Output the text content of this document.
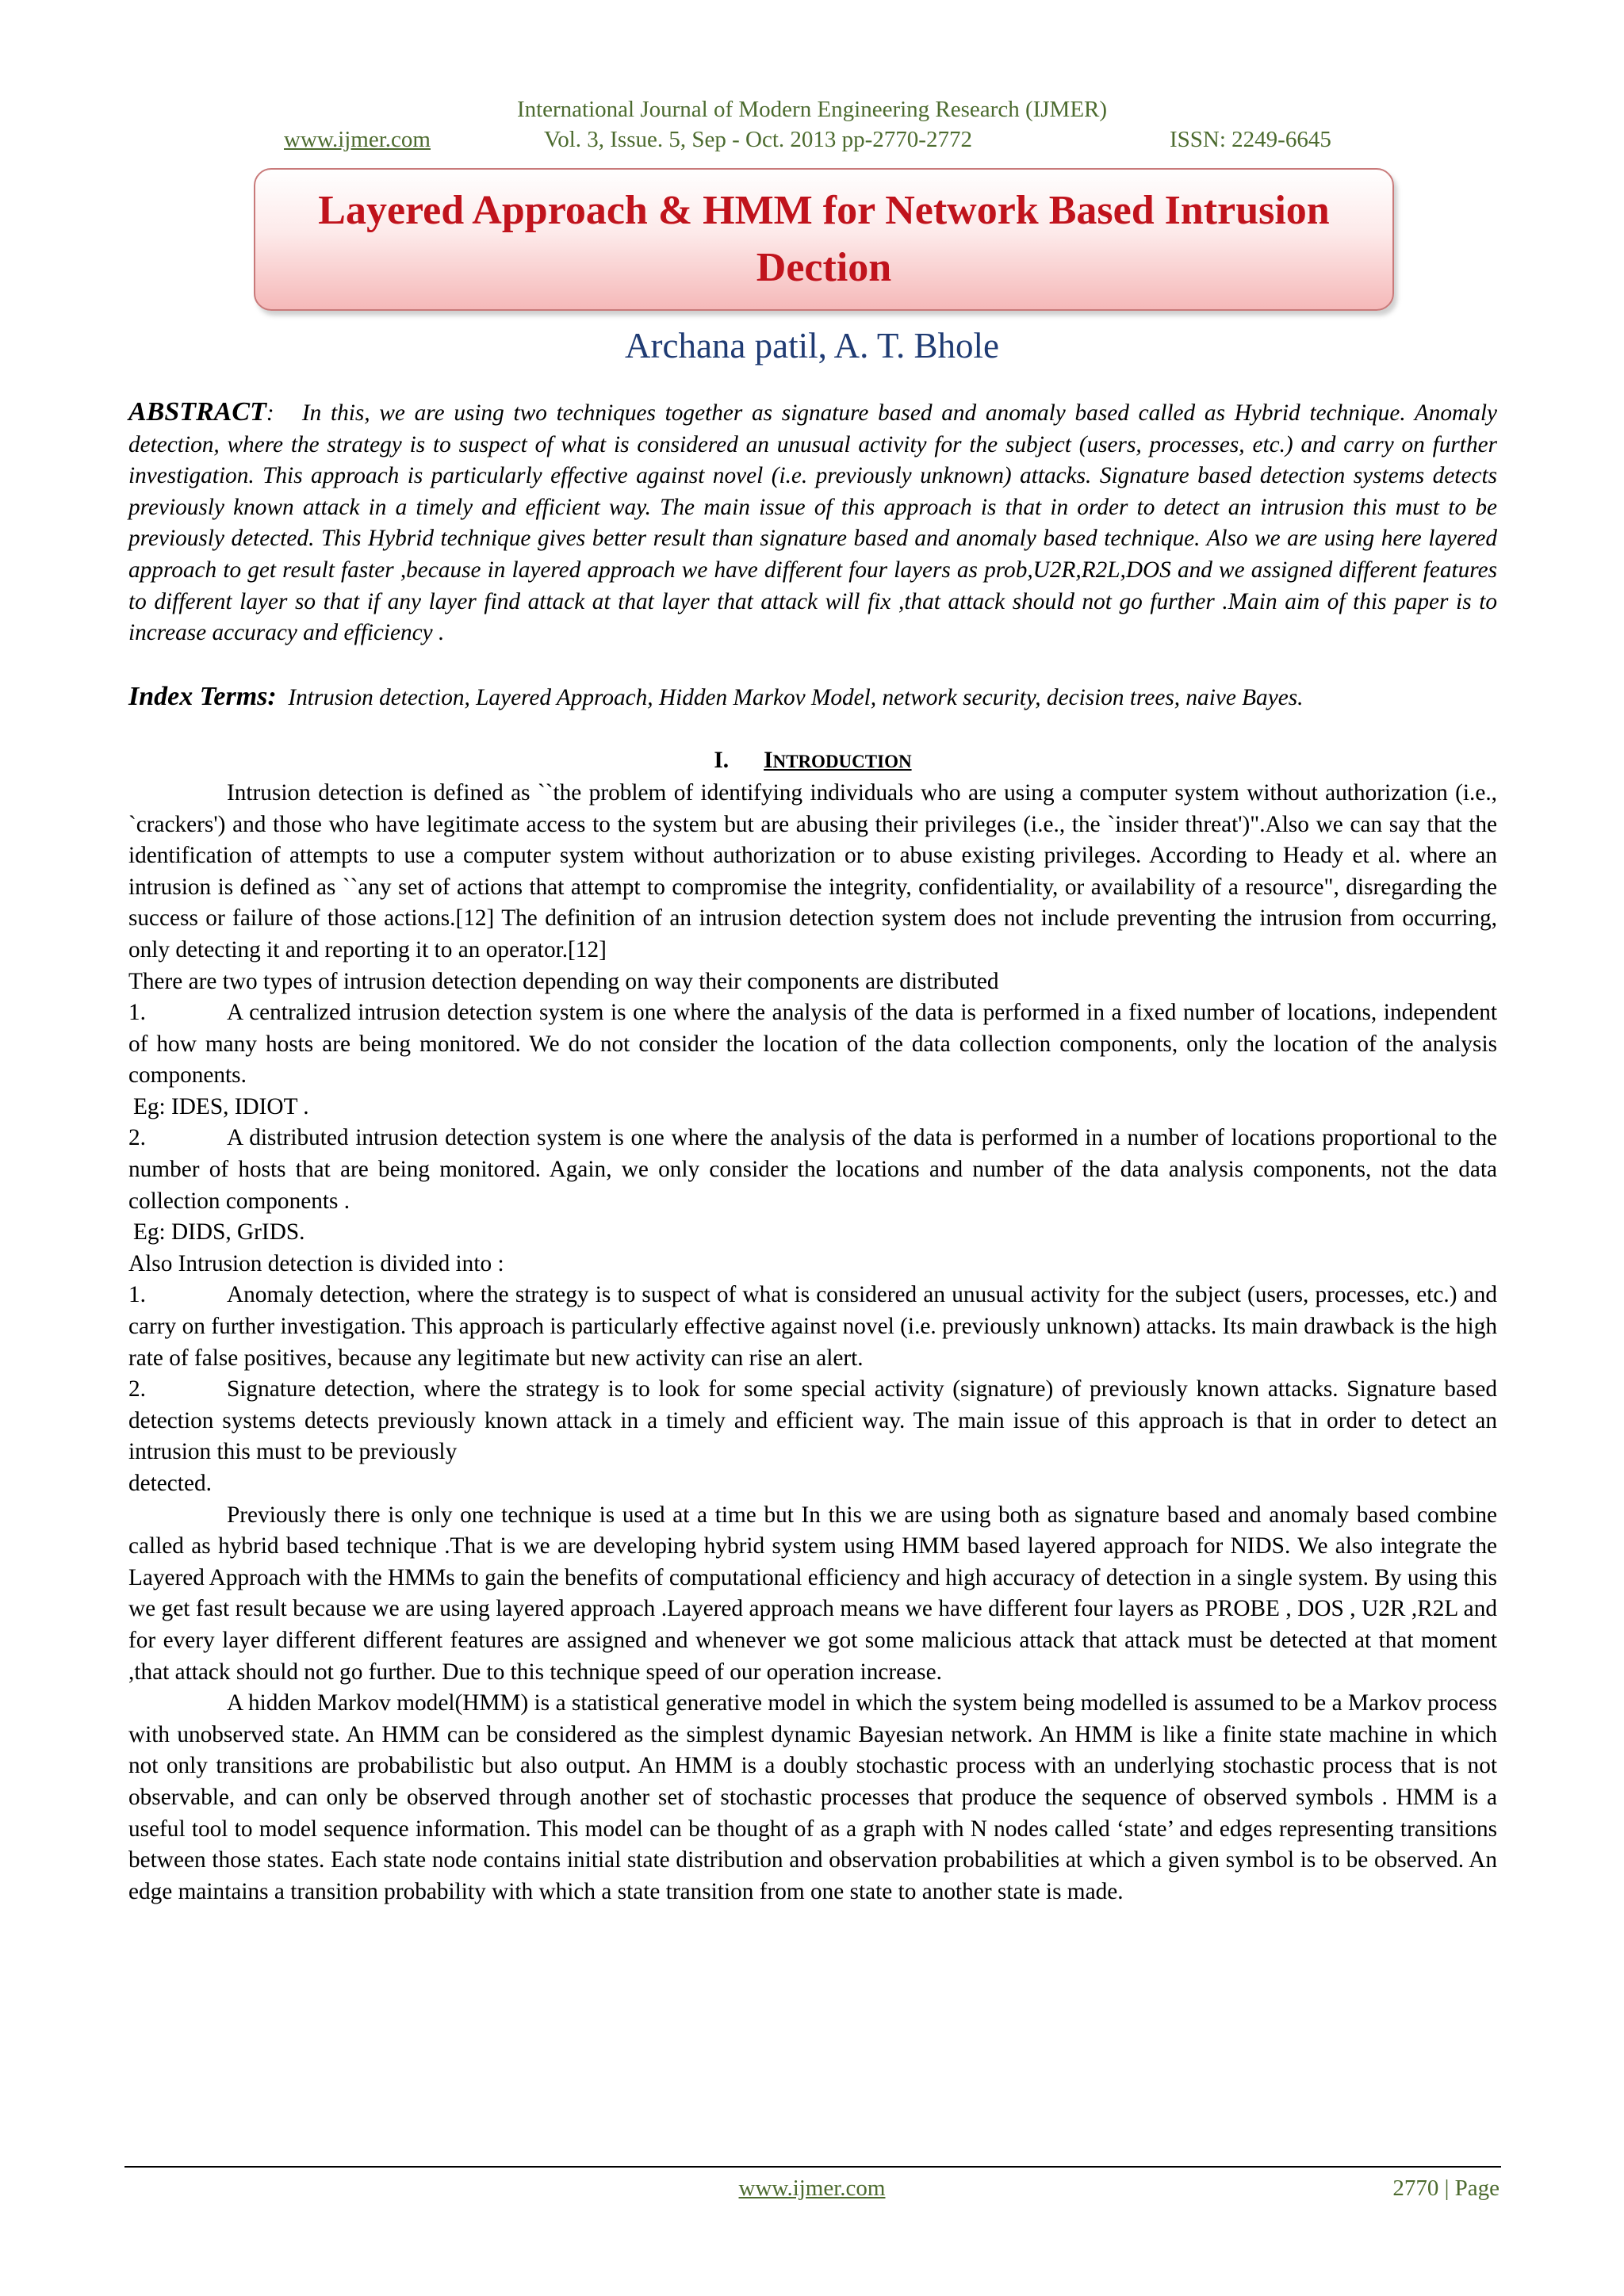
International Journal of Modern Engineering Research (IJMER)
www.ijmer.com	Vol. 3, Issue. 5, Sep - Oct. 2013 pp-2770-2772	ISSN: 2249-6645
Layered Approach & HMM for Network Based Intrusion Dection
Archana patil, A. T. Bhole

ABSTRACT: In this, we are using two techniques together as signature based and anomaly based called as Hybrid technique. Anomaly detection, where the strategy is to suspect of what is considered an unusual activity for the subject (users, processes, etc.) and carry on further investigation. This approach is particularly effective against novel (i.e. previously unknown) attacks. Signature based detection systems detects previously known attack in a timely and efficient way. The main issue of this approach is that in order to detect an intrusion this must to be previously detected. This Hybrid technique gives better result than signature based and anomaly based technique. Also we are using here layered approach to get result faster ,because in layered approach we have different four layers as prob,U2R,R2L,DOS and we assigned different features to different layer so that if any layer find attack at that layer that attack will fix ,that attack should not go further .Main aim of this paper is to increase accuracy and efficiency .

Index Terms: Intrusion detection, Layered Approach, Hidden Markov Model, network security, decision trees, naive Bayes.

I. INTRODUCTION

Intrusion detection is defined as ``the problem of identifying individuals who are using a computer system without authorization (i.e., `crackers') and those who have legitimate access to the system but are abusing their privileges (i.e., the `insider threat')".Also we can say that the identification of attempts to use a computer system without authorization or to abuse existing privileges. According to Heady et al. where an intrusion is defined as ``any set of actions that attempt to compromise the integrity, confidentiality, or availability of a resource", disregarding the success or failure of those actions.[12] The definition of an intrusion detection system does not include preventing the intrusion from occurring, only detecting it and reporting it to an operator.[12]

There are two types of intrusion detection depending on way their components are distributed

1.	A centralized intrusion detection system is one where the analysis of the data is performed in a fixed number of locations, independent of how many hosts are being monitored. We do not consider the location of the data collection components, only the location of the analysis components.

Eg: IDES, IDIOT .

2.	A distributed intrusion detection system is one where the analysis of the data is performed in a number of locations proportional to the number of hosts that are being monitored. Again, we only consider the locations and number of the data analysis components, not the data collection components .

Eg: DIDS, GrIDS.

Also Intrusion detection is divided into :

1.	Anomaly detection, where the strategy is to suspect of what is considered an unusual activity for the subject (users, processes, etc.) and carry on further investigation. This approach is particularly effective against novel (i.e. previously unknown) attacks. Its main drawback is the high rate of false positives, because any legitimate but new activity can rise an alert.

2.	Signature detection, where the strategy is to look for some special activity (signature) of previously known attacks. Signature based detection systems detects previously known attack in a timely and efficient way. The main issue of this approach is that in order to detect an intrusion this must to be previously

detected.

Previously there is only one technique is used at a time but In this we are using both as signature based and anomaly based combine called as hybrid based technique .That is we are developing hybrid system using HMM based layered approach for NIDS. We also integrate the Layered Approach with the HMMs to gain the benefits of computational efficiency and high accuracy of detection in a single system. By using this we get fast result because we are using layered approach .Layered approach means we have different four layers as PROBE , DOS , U2R ,R2L and for every layer different different features are assigned and whenever we got some malicious attack that attack must be detected at that moment ,that attack should not go further. Due to this technique speed of our operation increase.

A hidden Markov model(HMM) is a statistical generative model in which the system being modelled is assumed to be a Markov process with unobserved state. An HMM can be considered as the simplest dynamic Bayesian network. An HMM is like a finite state machine in which not only transitions are probabilistic but also output. An HMM is a doubly stochastic process with an underlying stochastic process that is not observable, and can only be observed through another set of stochastic processes that produce the sequence of observed symbols . HMM is a useful tool to model sequence information. This model can be thought of as a graph with N nodes called ‘state’ and edges representing transitions between those states. Each state node contains initial state distribution and observation probabilities at which a given symbol is to be observed. An edge maintains a transition probability with which a state transition from one state to another state is made.

www.ijmer.com	2770 | Page
